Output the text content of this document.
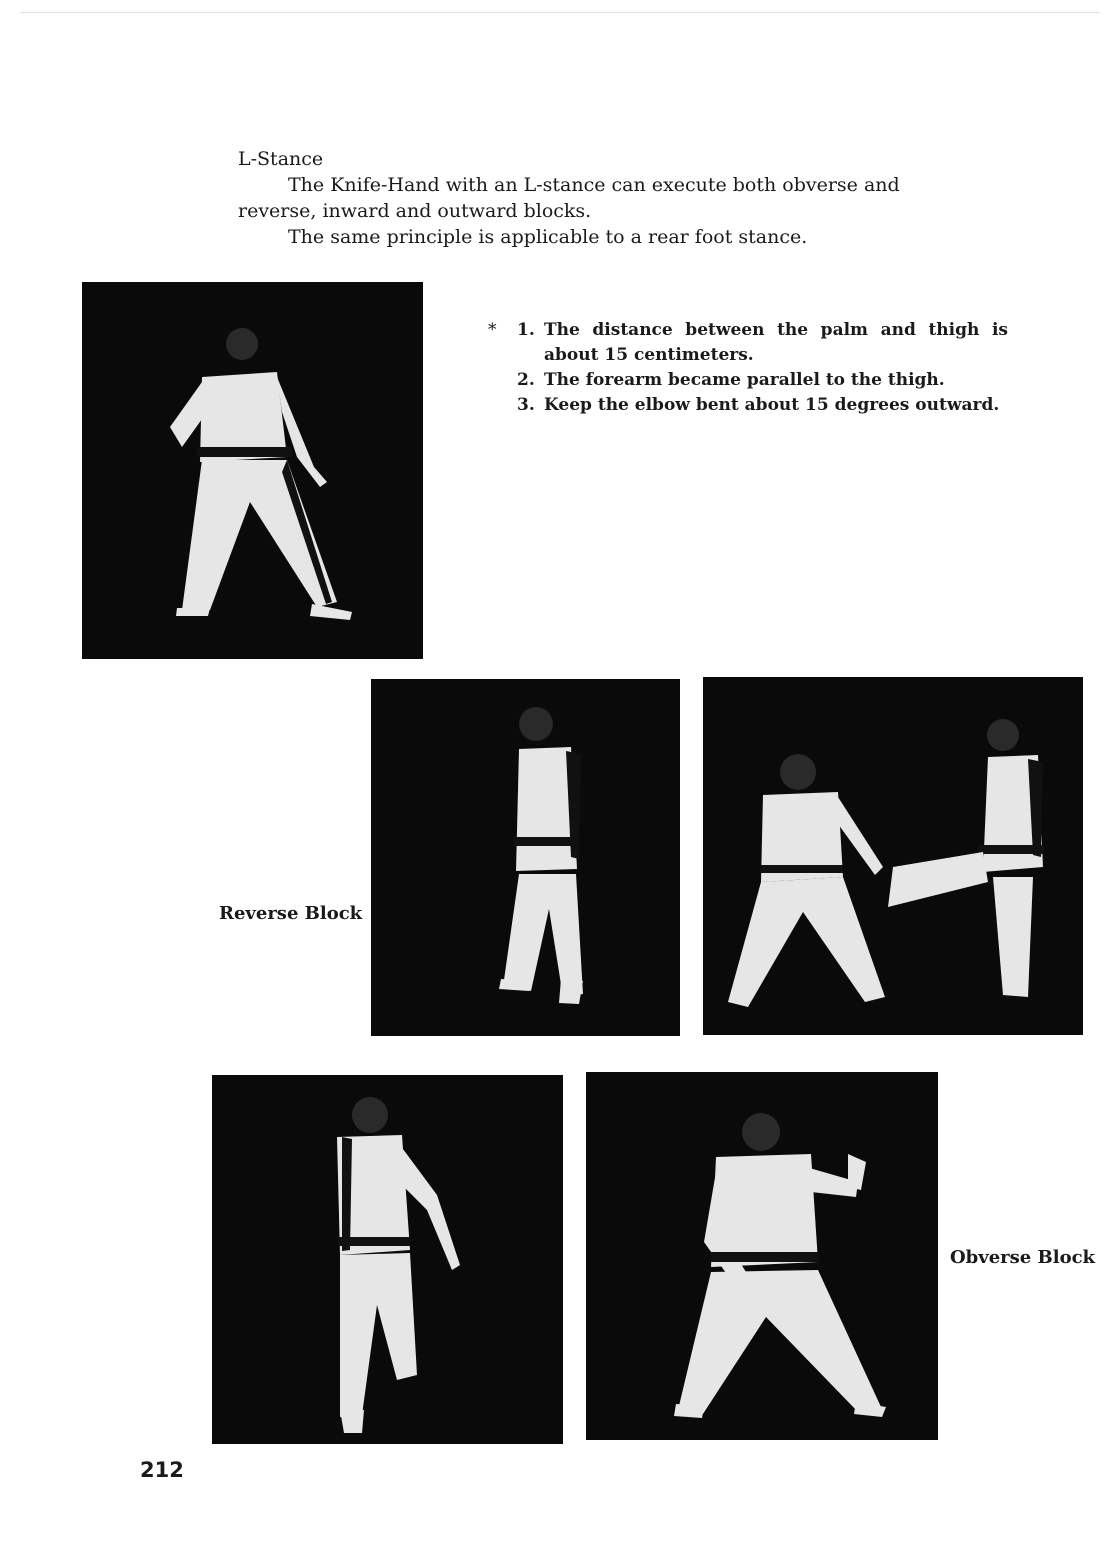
L-Stance

The Knife-Hand with an L-stance can execute both obverse and reverse, inward and outward blocks.

The same principle is applicable to a rear foot stance.

* 1. The distance between the palm and thigh is about 15 centimeters.
2. The forearm became parallel to the thigh.
3. Keep the elbow bent about 15 degrees outward.
Reverse Block
Obverse Block
212
